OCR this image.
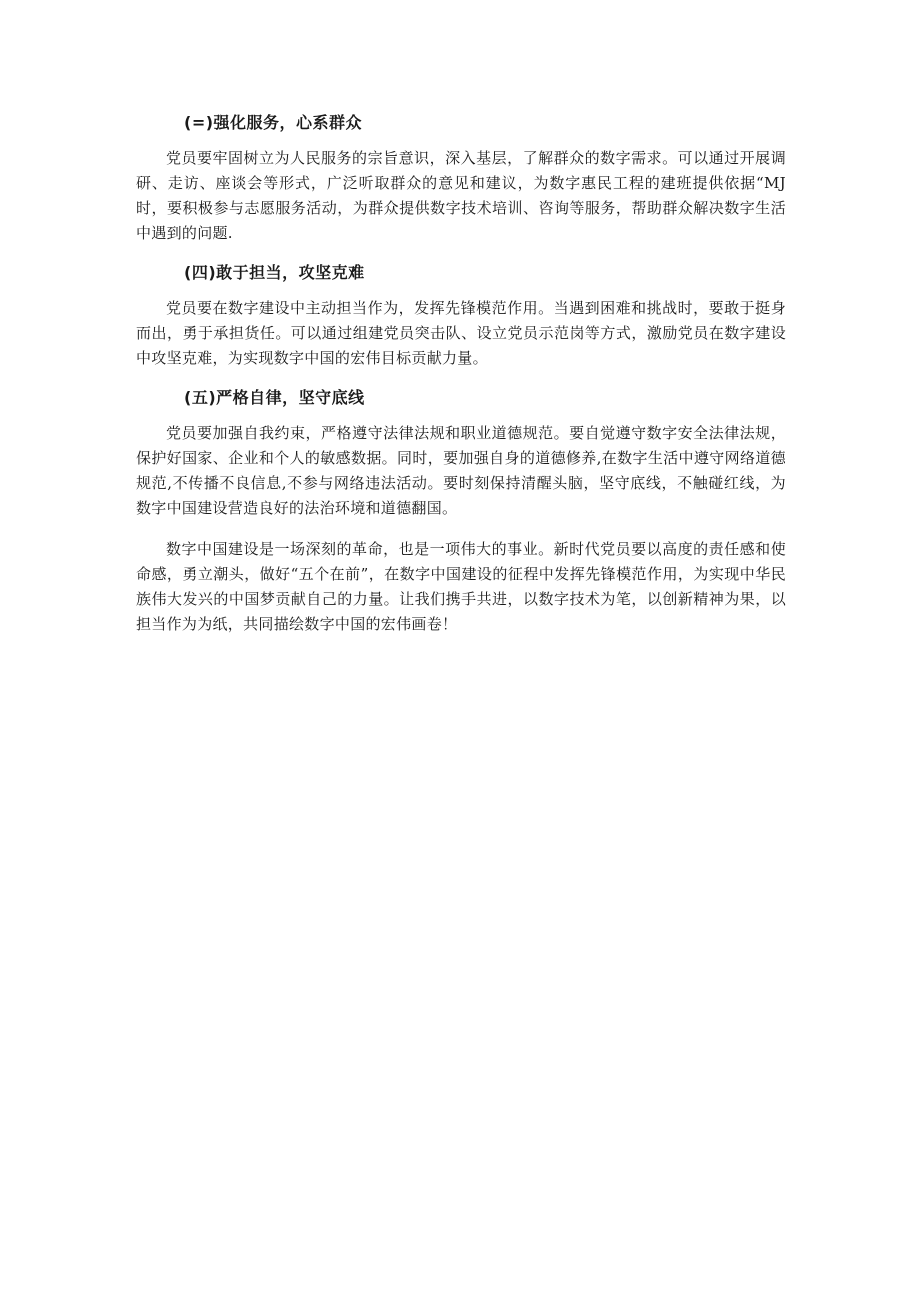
(=)强化服务，心系群众

党员要牢固树立为人民服务的宗旨意识，深入基层，了解群众的数字需求。可以通过开展调研、走访、座谈会等形式，广泛听取群众的意见和建议，为数字惠民工程的建班提供依据“MJ时，要积极参与志愿服务活动，为群众提供数字技术培训、咨询等服务，帮助群众解决数字生活中遇到的问题.

(四)敢于担当，攻坚克难

党员要在数字建设中主动担当作为，发挥先锋模范作用。当遇到困难和挑战时，要敢于挺身而出，勇于承担货任。可以通过组建党员突击队、设立党员示范岗等方式，激励党员在数字建设中攻坚克难，为实现数字中国的宏伟目标贡献力量。

(五)严格自律，坚守底线

党员要加强自我约束，严格遵守法律法规和职业道德规范。要自觉遵守数字安全法律法规，保护好国家、企业和个人的敏感数据。同时，要加强自身的道德修养,在数字生活中遵守网络道德规范,不传播不良信息,不参与网络违法活动。要时刻保持清醒头脑，坚守底线，不触碰红线，为数字中国建设营造良好的法治环境和道德翻国。

数字中国建设是一场深刻的革命，也是一项伟大的事业。新时代党员要以高度的责任感和使命感，勇立潮头，做好“五个在前”，在数字中国建设的征程中发挥先锋模范作用，为实现中华民族伟大发兴的中国梦贡献自己的力量。让我们携手共进，以数字技术为笔，以创新精神为果，以担当作为为纸，共同描绘数字中国的宏伟画卷！
